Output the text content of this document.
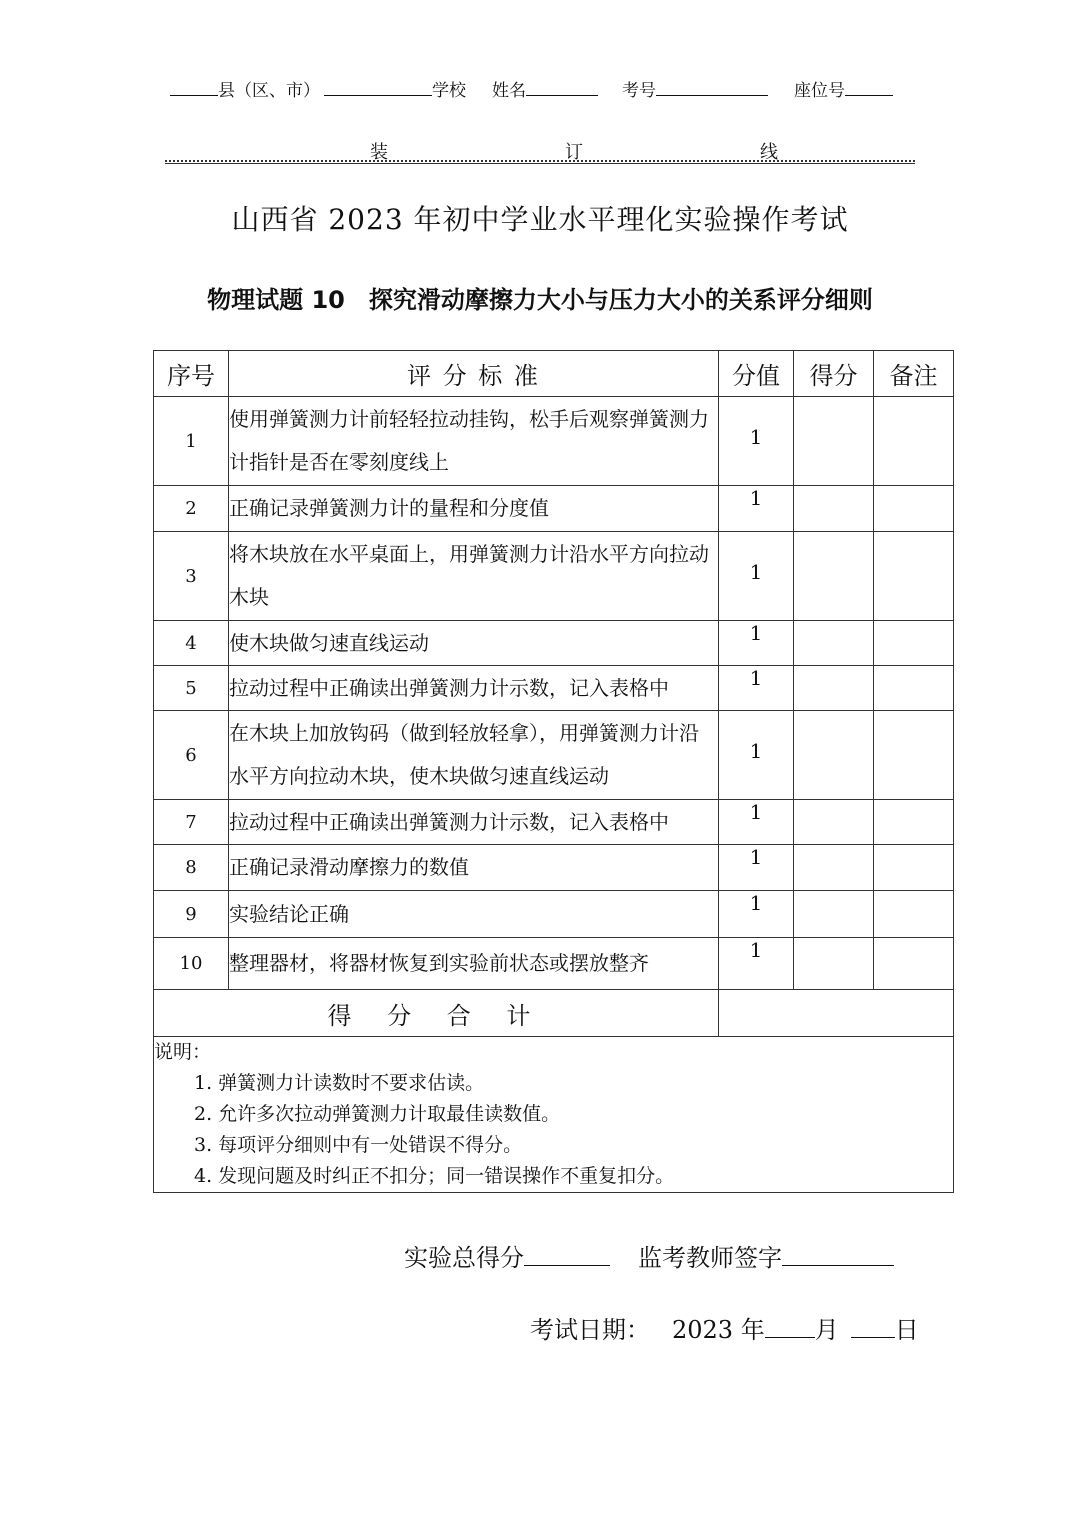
县（区、市）	学校 姓名	考号	座位号
装	订	线
山西省 2023 年初中学业水平理化实验操作考试
物理试题 10　探究滑动摩擦力大小与压力大小的关系评分细则
序号	评 分 标 准	分值	得分	备注
1	使用弹簧测力计前轻轻拉动挂钩，松手后观察弹簧测力计指针是否在零刻度线上	1		
2	正确记录弹簧测力计的量程和分度值	1		
3	将木块放在水平桌面上，用弹簧测力计沿水平方向拉动木块	1		
4	使木块做匀速直线运动	1		
5	拉动过程中正确读出弹簧测力计示数，记入表格中	1		
6	在木块上加放钩码（做到轻放轻拿），用弹簧测力计沿水平方向拉动木块，使木块做匀速直线运动	1		
7	拉动过程中正确读出弹簧测力计示数，记入表格中	1		
8	正确记录滑动摩擦力的数值	1		
9	实验结论正确	1		
10	整理器材，将器材恢复到实验前状态或摆放整齐	1		
得 分 合 计				

说明：
1. 弹簧测力计读数时不要求估读。
2. 允许多次拉动弹簧测力计取最佳读数值。
3. 每项评分细则中有一处错误不得分。
4. 发现问题及时纠正不扣分；同一错误操作不重复扣分。				
实验总得分	监考教师签字
考试日期： 2023 年 月 日
